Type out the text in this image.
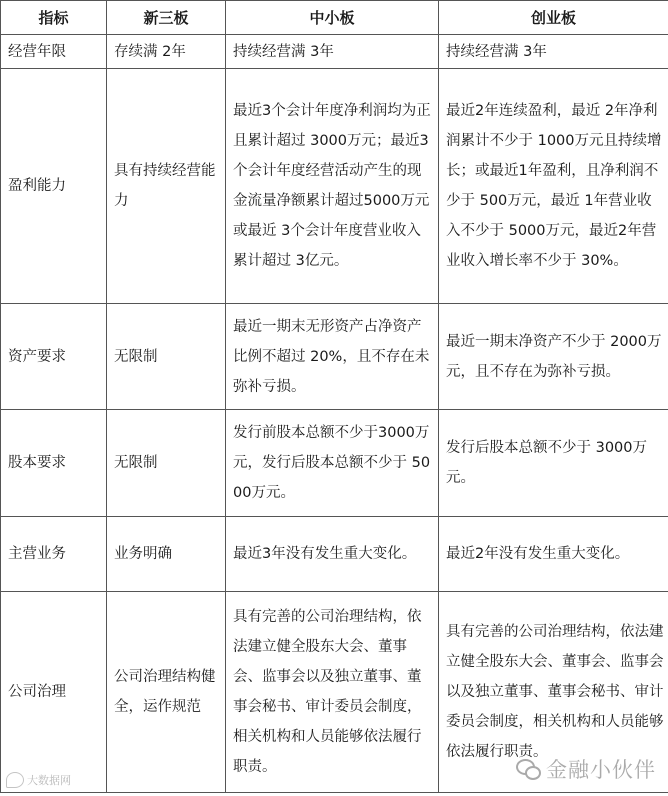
指标	新三板	中小板	创业板
经营年限	存续满 2年	持续经营满 3年	持续经营满 3年
盈利能力	具有持续经营能力	最近3个会计年度净利润均为正且累计超过 3000万元；最近3个会计年度经营活动产生的现金流量净额累计超过5000万元或最近 3个会计年度营业收入累计超过 3亿元。	最近2年连续盈利，最近 2年净利润累计不少于 1000万元且持续增长；或最近1年盈利，且净利润不少于 500万元，最近 1年营业收入不少于 5000万元，最近2年营业收入增长率不少于 30%。
资产要求	无限制	最近一期末无形资产占净资产比例不超过 20%，且不存在未弥补亏损。	最近一期末净资产不少于 2000万元，且不存在为弥补亏损。
股本要求	无限制	发行前股本总额不少于3000万元，发行后股本总额不少于 5000万元。	发行后股本总额不少于 3000万元。
主营业务	业务明确	最近3年没有发生重大变化。	最近2年没有发生重大变化。
公司治理	公司治理结构健全，运作规范	具有完善的公司治理结构，依法建立健全股东大会、董事会、监事会以及独立董事、董事会秘书、审计委员会制度，相关机构和人员能够依法履行职责。	具有完善的公司治理结构，依法建立健全股东大会、董事会、监事会以及独立董事、董事会秘书、审计委员会制度，相关机构和人员能够依法履行职责。
大数据网	金融小伙伴
